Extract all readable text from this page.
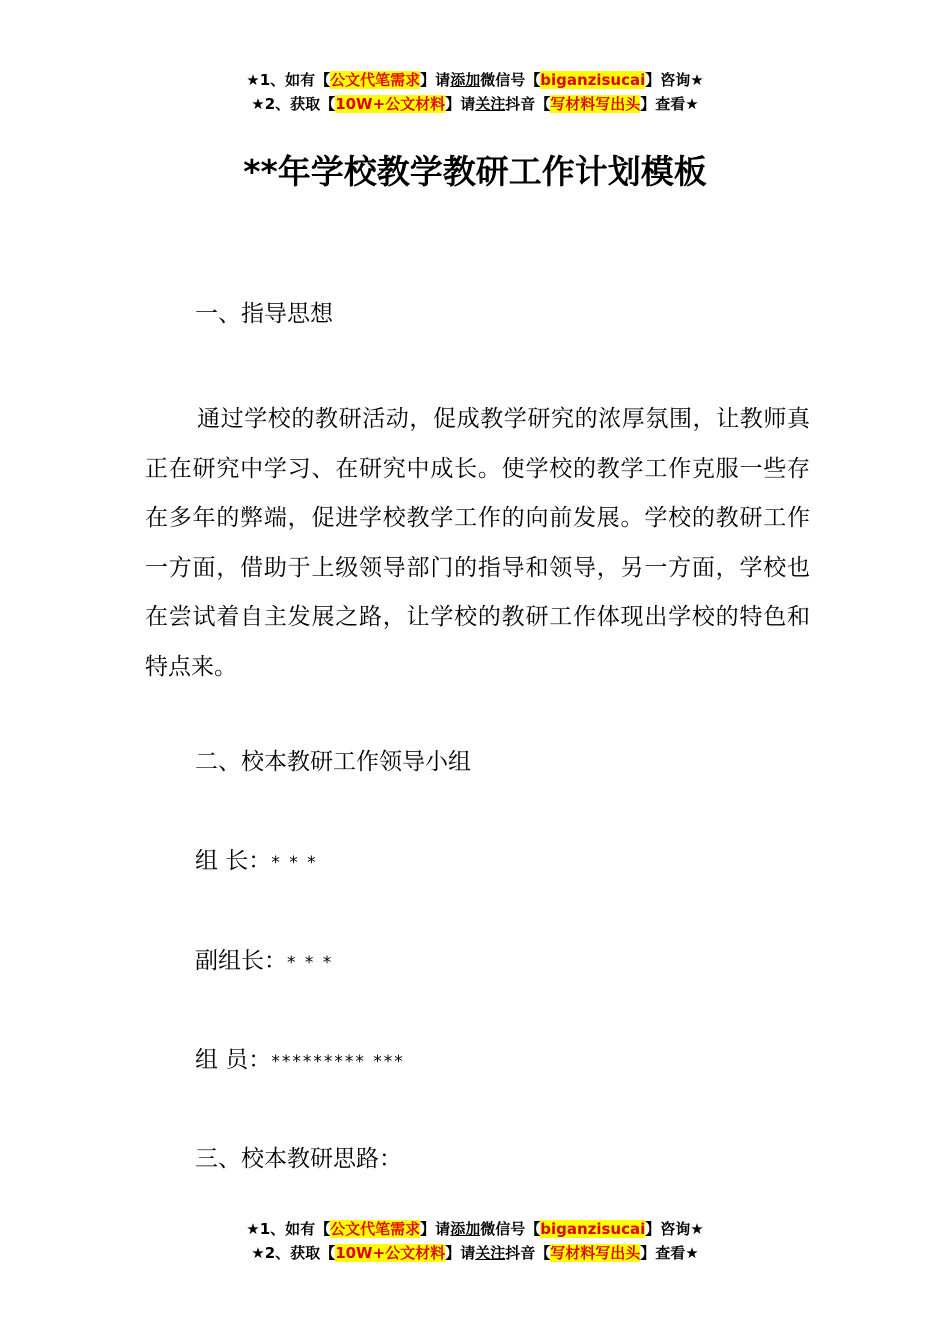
★1、如有【公文代笔需求】请添加微信号【biganzisucai】咨询★
★2、获取【10W+公文材料】请关注抖音【写材料写出头】查看★
**年学校教学教研工作计划模板
一、指导思想

通过学校的教研活动，促成教学研究的浓厚氛围，让教师真正在研究中学习、在研究中成长。使学校的教学工作克服一些存在多年的弊端，促进学校教学工作的向前发展。学校的教研工作一方面，借助于上级领导部门的指导和领导，另一方面，学校也在尝试着自主发展之路，让学校的教研工作体现出学校的特色和特点来。

二、校本教研工作领导小组
组 长：* * *
副组长：* * *
组 员：********* ***
三、校本教研思路：
★1、如有【公文代笔需求】请添加微信号【biganzisucai】咨询★
★2、获取【10W+公文材料】请关注抖音【写材料写出头】查看★
